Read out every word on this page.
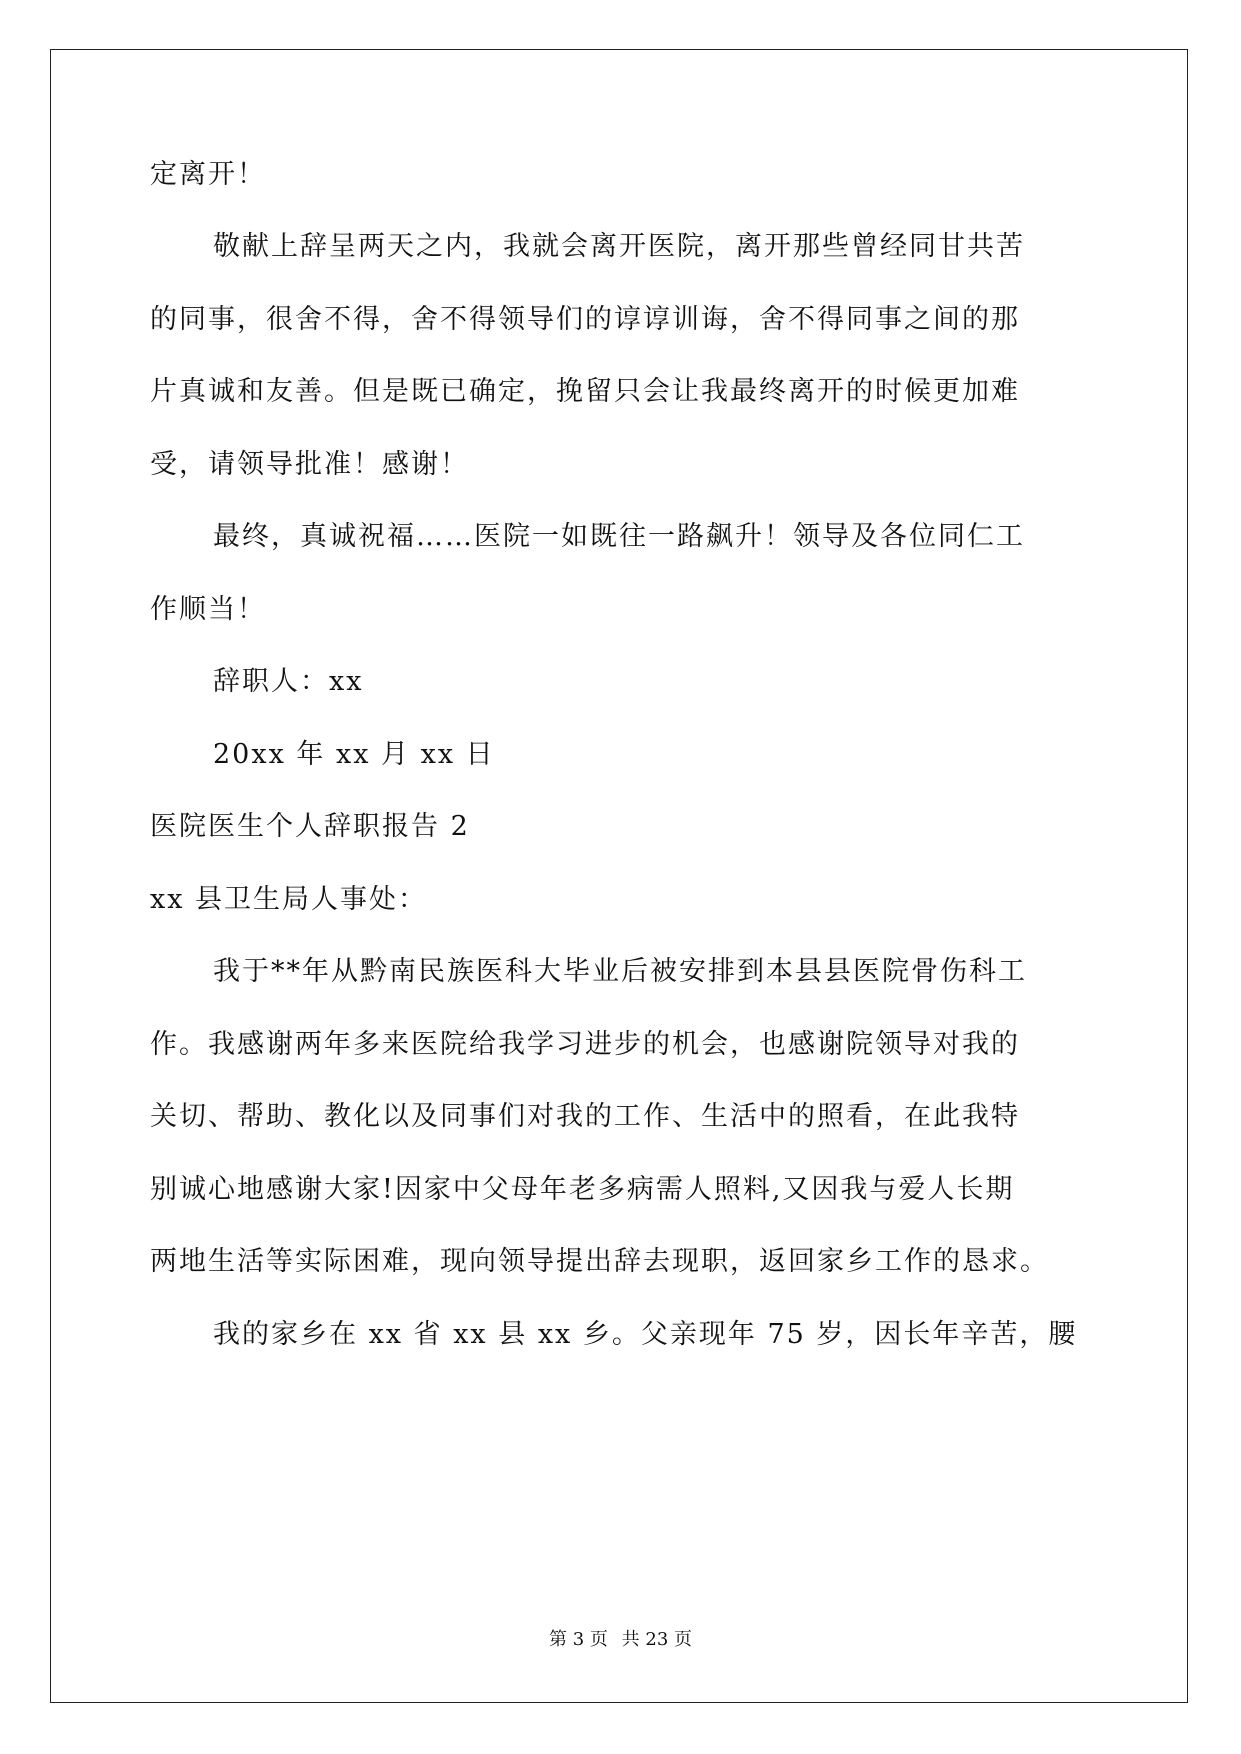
定离开！
敬献上辞呈两天之内，我就会离开医院，离开那些曾经同甘共苦
的同事，很舍不得，舍不得领导们的谆谆训诲，舍不得同事之间的那
片真诚和友善。但是既已确定，挽留只会让我最终离开的时候更加难
受，请领导批准！感谢！
最终，真诚祝福……医院一如既往一路飙升！领导及各位同仁工
作顺当！
辞职人：xx
20xx 年 xx 月 xx 日
医院医生个人辞职报告 2
xx 县卫生局人事处：
我于**年从黔南民族医科大毕业后被安排到本县县医院骨伤科工
作。我感谢两年多来医院给我学习进步的机会，也感谢院领导对我的
关切、帮助、教化以及同事们对我的工作、生活中的照看，在此我特
别诚心地感谢大家!因家中父母年老多病需人照料,又因我与爱人长期
两地生活等实际困难，现向领导提出辞去现职，返回家乡工作的恳求。
我的家乡在 xx 省 xx 县 xx 乡。父亲现年 75 岁，因长年辛苦，腰
第 3 页 共 23 页
